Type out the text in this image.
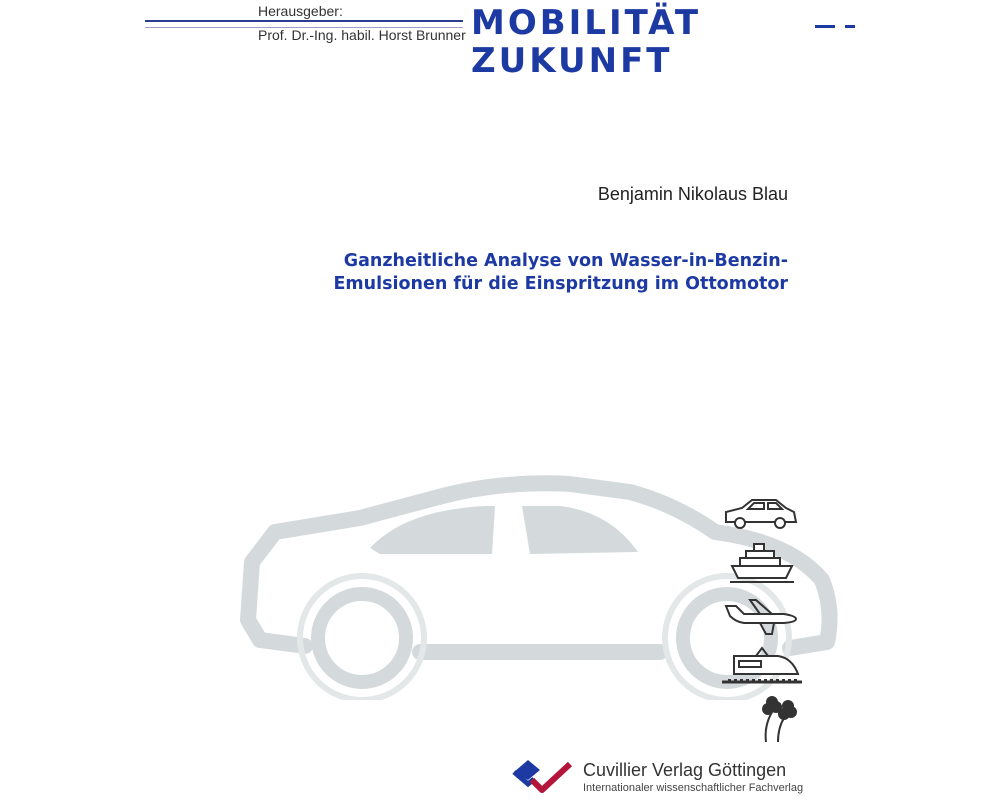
Herausgeber:
Prof. Dr.-Ing. habil. Horst Brunner MOBILITÄT
ZUKUNFT
Benjamin Nikolaus Blau
Ganzheitliche Analyse von Wasser-in-Benzin-
Emulsionen für die Einspritzung im Ottomotor
Cuvillier Verlag Göttingen
Internationaler wissenschaftlicher Fachverlag
